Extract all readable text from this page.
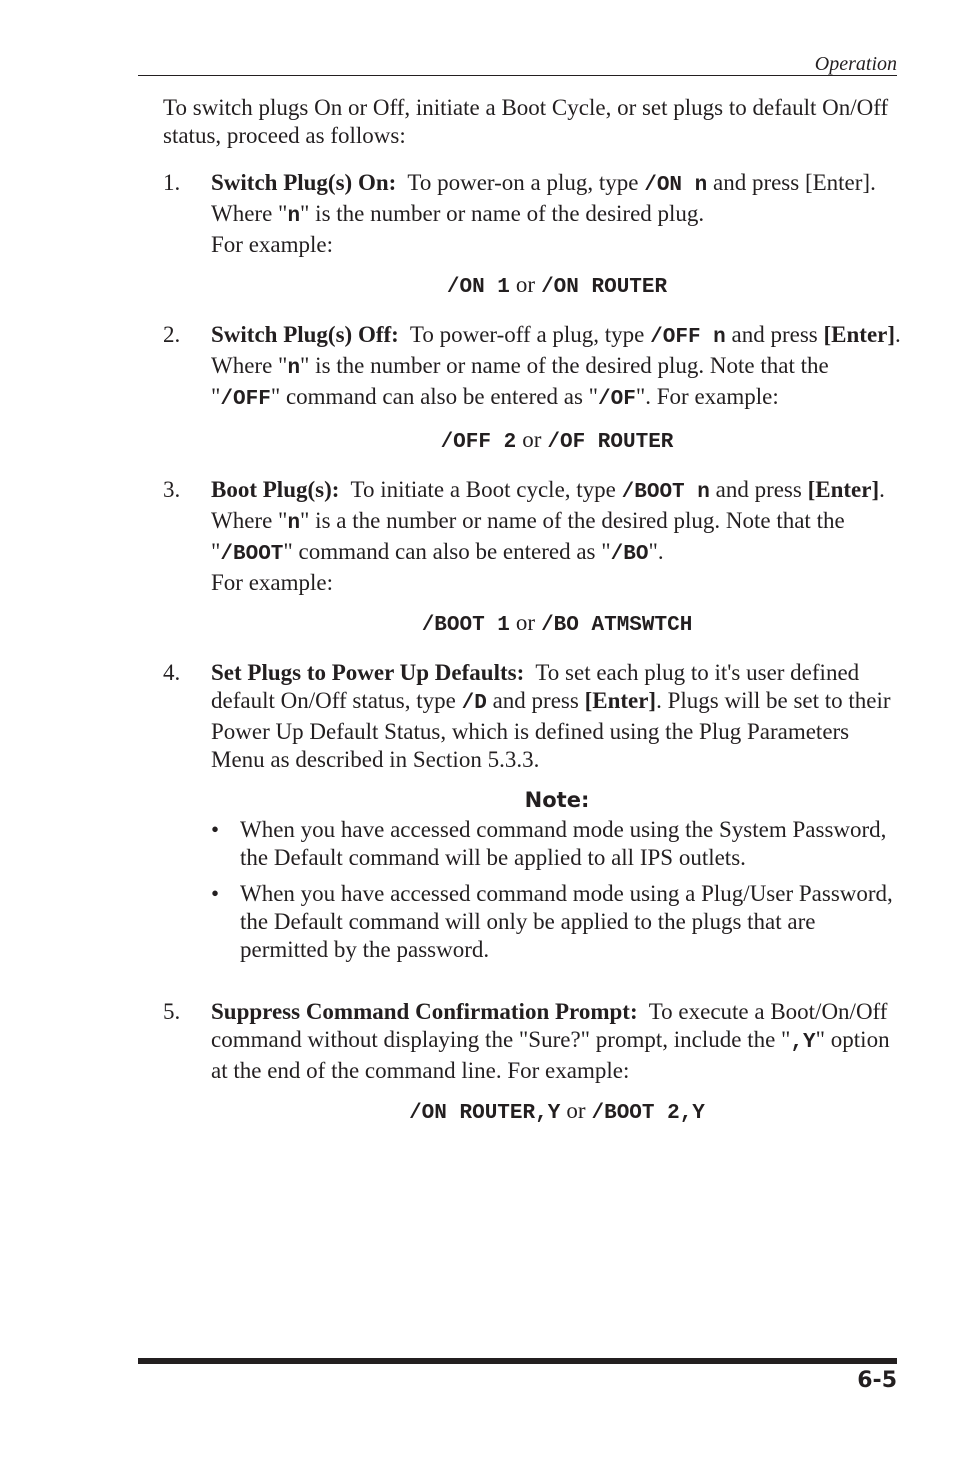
Operation

To switch plugs On or Off, initiate a Boot Cycle, or set plugs to default On/Off status, proceed as follows:

1. Switch Plug(s) On: To power-on a plug, type /ON n and press [Enter]. Where "n" is the number or name of the desired plug.
For example:

/ON 1 or /ON ROUTER
2. Switch Plug(s) Off: To power-off a plug, type /OFF n and press [Enter]. Where "n" is the number or name of the desired plug. Note that the "/OFF" command can also be entered as "/OF". For example:

/OFF 2 or /OF ROUTER
3. Boot Plug(s): To initiate a Boot cycle, type /BOOT n and press [Enter]. Where "n" is a the number or name of the desired plug. Note that the "/BOOT" command can also be entered as "/BO".
For example:

/BOOT 1 or /BO ATMSWTCH
4. Set Plugs to Power Up Defaults: To set each plug to it's user defined default On/Off status, type /D and press [Enter]. Plugs will be set to their Power Up Default Status, which is defined using the Plug Parameters Menu as described in Section 5.3.3.

Note:
• When you have accessed command mode using the System Password, the Default command will be applied to all IPS outlets.
• When you have accessed command mode using a Plug/User Password, the Default command will only be applied to the plugs that are permitted by the password.
5. Suppress Command Confirmation Prompt: To execute a Boot/On/Off command without displaying the "Sure?" prompt, include the ",Y" option at the end of the command line. For example:

/ON ROUTER,Y or /BOOT 2,Y
6-5
